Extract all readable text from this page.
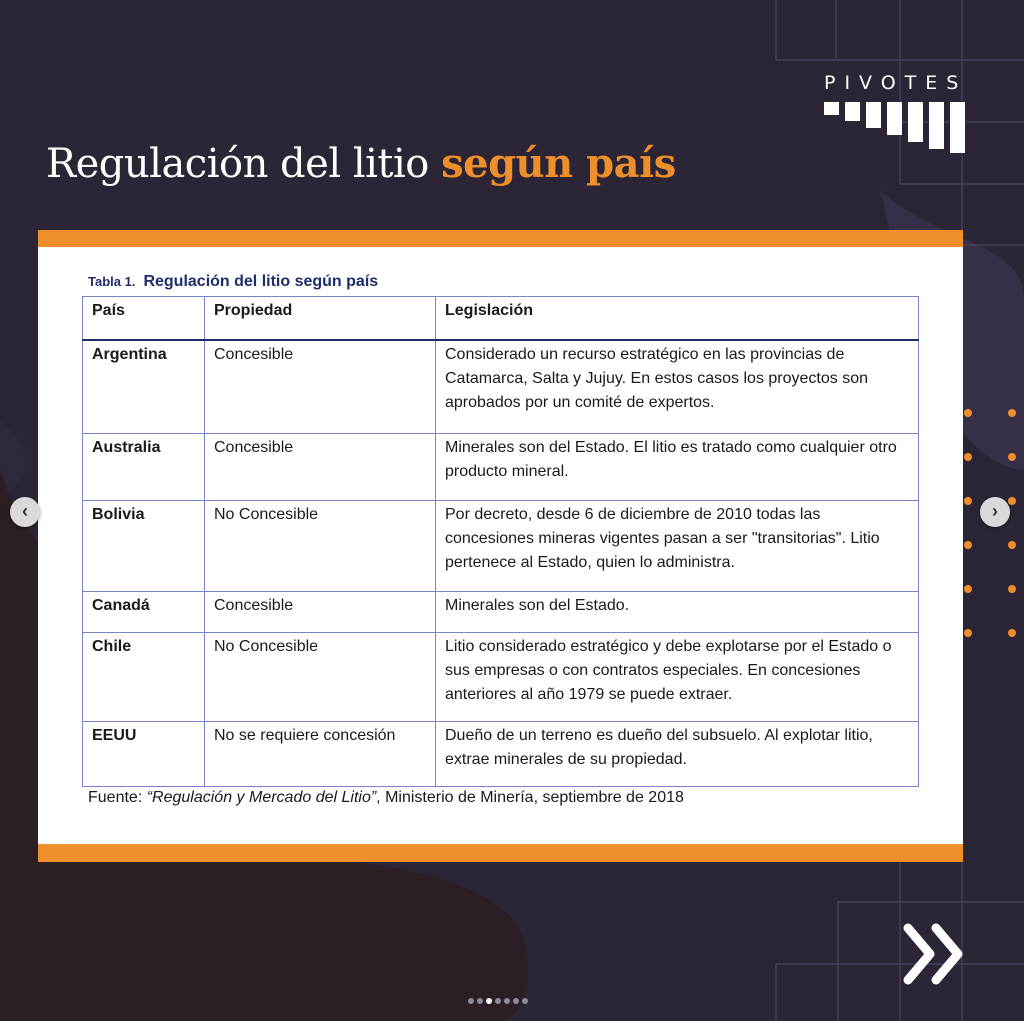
PIVOTES
Regulación del litio según país
Tabla 1. Regulación del litio según país
País	Propiedad	Legislación
Argentina	Concesible	Considerado un recurso estratégico en las provincias de Catamarca, Salta y Jujuy. En estos casos los proyectos son aprobados por un comité de expertos.
Australia	Concesible	Minerales son del Estado. El litio es tratado como cualquier otro producto mineral.
Bolivia	No Concesible	Por decreto, desde 6 de diciembre de 2010 todas las concesiones mineras vigentes pasan a ser "transitorias". Litio pertenece al Estado, quien lo administra.
Canadá	Concesible	Minerales son del Estado.
Chile	No Concesible	Litio considerado estratégico y debe explotarse por el Estado o sus empresas o con contratos especiales. En concesiones anteriores al año 1979 se puede extraer.
EEUU	No se requiere concesión	Dueño de un terreno es dueño del subsuelo. Al explotar litio, extrae minerales de su propiedad.
Fuente: “Regulación y Mercado del Litio”, Ministerio de Minería, septiembre de 2018
‹	›
